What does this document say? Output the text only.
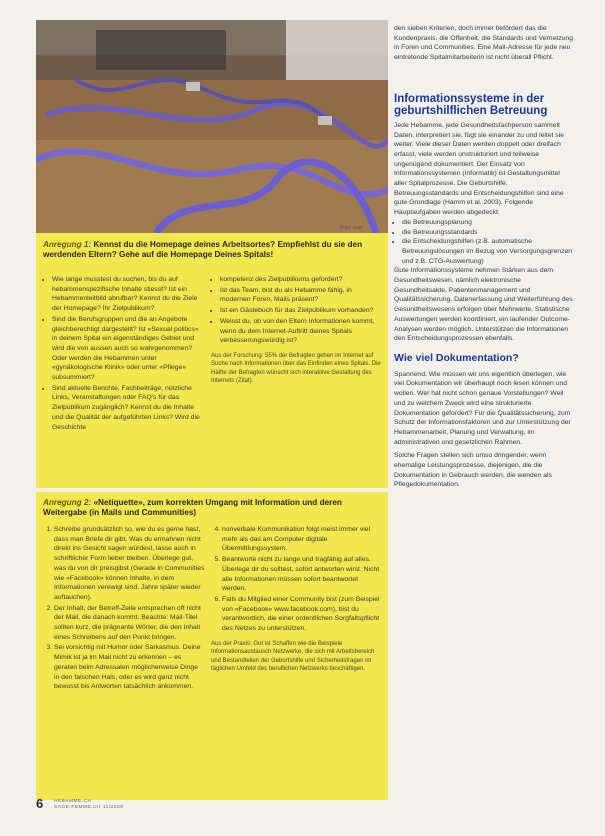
Foto: xxxx
Anregung 1: Kennst du die Homepage deines Arbeitsortes? Empfiehlst du sie den werdenden Eltern? Gehe auf die Homepage Deines Spitals!
• Wie lange musstest du suchen, bis du auf hebammenspezifische Inhalte stiesst? Ist ein Hebammenleitbild abrufbar? Kennst du die Ziele der Homepage? Ihr Zielpublikum?
• Sind die Berufsgruppen und die an Angebote gleichberechtigt dargestellt? Ist «Sexual politics» in deinem Spital ein eigenständiges Gebiet und wird die von aussen auch so wahrgenommen? Oder werden die Hebammen unter «gynäkologische Klinik» oder unter «Pflege» subsummiert?
• Sind aktuelle Berichte, Fachbeiträge, nützliche Links, Veranstaltungen oder FAQ's für das Zielpublikum zugänglich? Kennst du die Inhalte und die Qualität der aufgeführten Links? Wird die Geschichte
• kompetenz des Zielpublikums gefordert?
• Ist das Team, bist du als Hebamme fähig, in modernen Foren, Mails präsent?
• Ist ein Gästebuch für das Zielpublikum vorhanden?
• Weisst du, ob von den Eltern Informationen kommt, wenn du dem Internet-Auftritt deines Spitals verbesserungswürdig ist?

Aus der Forschung: 55% der Befragten gehen im Internet auf Suche nach Informationen über das Einfinden eines Spitals. Die Hälfte der Befragten wünscht sich interaktive Gestaltung des Internets (Zitat).

Anregung 2: «Netiquette», zum korrekten Umgang mit Information und deren Weitergabe (in Mails und Communities)
1. Schreibe grundsätzlich so, wie du es gerne hast, dass man Briefe dir gibt. Was du ermahnen nicht direkt ins Gesicht sagen würdest, lasse auch in schriftlicher Form lieber bleiben. Überlege gut, was du von dir preisgibst (Gerade in Communities wie «Facebook» können Inhalte, in dem Informationen verewigt sind, Jahre später wieder auftauchen).
2. Der Inhalt, der Betreff-Zeile entsprechen oft nicht der Mail, die danach kommt. Beachte: Mail-Titel sollten kurz, die prägnante Wörter, die den Inhalt eines Schreibens auf den Punkt bringen.
3. Sei vorsichtig mit Humor oder Sarkasmus. Deine Mimik ist ja im Mail nicht zu erkennen – es geraten beim Adressaten möglicherweise Dinge in den falschen Hals, oder es wird ganz nicht bewusst bis Antworten tatsächlich ankommen.
4. nonverbale Kommunikation folgt meist immer viel mehr als das am Computer digitale Übermittlungssystem.
5. Beantworte nicht zu lange und tragfähig auf alles. Überlege dir du solltest, sofort antworten wirst. Nicht alle Informationen müssen sofort beantwortet werden.
6. Falls du Mitglied einer Community bist (zum Beispiel von «Facebook» www.facebook.com), bist du verantwortlich, die einer ordentlichen Sorgfaltspflicht des Netzes zu unterstützen.

Aus der Praxis: Gut ist Schaffen wie die Beispiele Informationsaustausch Netzwerke, die sich mit Arbeitsbereich und Bestandteilen der Geburtshilfe und Sicherheitsfragen im täglichen Umfeld des beruflichen Netzwerks beschäftigen.

den sieben Kriterien, doch immer befördert das die Kundenpraxis, die Offenheit, die Standards und Vernetzung in Foren und Communities. Eine Mail-Adresse für jede neu eintretende Spitalmitarbeiterin ist nicht überall Pflicht.

Informationssysteme in der geburtshilflichen Betreuung

Jede Hebamme, jede Gesundheitsfachperson sammelt Daten, interpretiert sie, fügt sie einander zu und leitet sie weiter. Viele dieser Daten werden doppelt oder dreifach erfasst, viele werden unstrukturiert und teilweise ungenügend dokumentiert. Der Einsatz von Informationssystemen (Informatik) ist Gestaltungsmittel aller Spitalprozesse. Die Geburtshilfe, Betreuungsstandards und Entscheidungshilfen sind eine gute Grundlage (Hamm et al. 2003). Folgende Hauptaufgaben werden abgedeckt:

• die Betreuungsplanung
• die Betreuungsstandards
• die Entscheidungshilfen (z.B. automatische Betreuungslösungen im Bezug von Versorgungsgrenzen und z.B. CTG-Auswertung)

Gute Informationssysteme nehmen Stärken aus dem Gesundheitswesen, nämlich elektronische Gesundheitsakte, Patientenmanagement und Qualitätssicherung. Datenerfassung und Weiterführung des Gesundheitswesens erfolgen über Mehrwerte. Statistische Auswertungen werden koordiniert, ein laufender Outcome-Analysen werden möglich. Unterstützen die Informationen den Entscheidungsprozessen ebenfalls.

Wie viel Dokumentation?

Spannend: Wie müssen wir uns eigentlich überlegen, wie viel Dokumentation wir überhaupt noch lesen können und wollen. Wer hat nicht schon genaue Vorstellungen? Weil und zu welchem Zweck wird eine strukturierte Dokumentation gefordert? Für die Qualitätssicherung, zum Schutz der Informationsfaktoren und zur Unterstützung der Hebammenarbeit, Planung und Verwaltung, im administrativen und gesetzlichen Rahmen.

Solche Fragen stellen sich umso dringender, wenn ehemalige Leistungsprozesse, diejenigen, die die Dokumentation in Gebrauch werden, die wenden als Pflegedokumentation.

6 HEBAMME.CH
SAGE-FEMME.CH 11/2009
